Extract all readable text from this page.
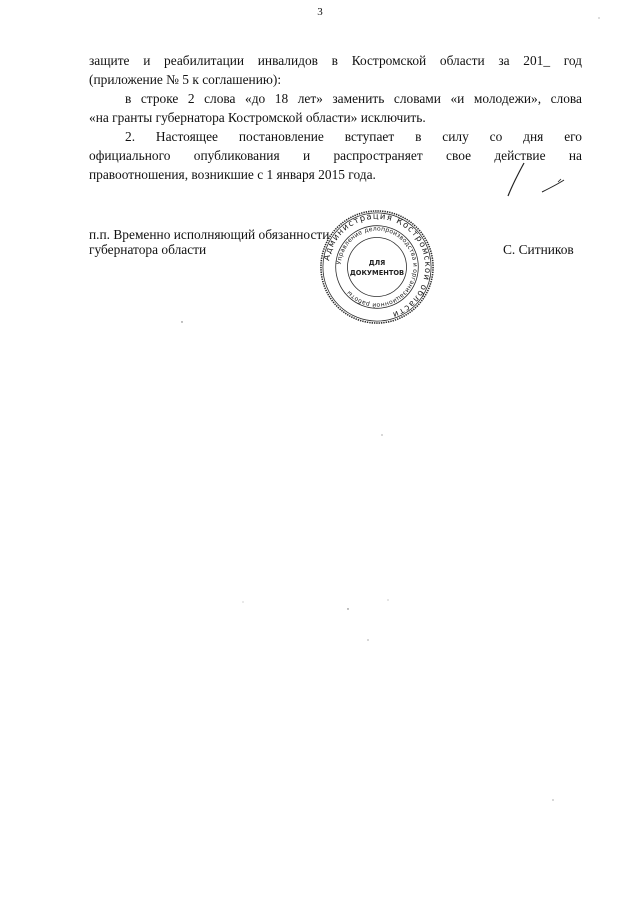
3
защите и реабилитации инвалидов в Костромской области за 201_ год
(приложение № 5 к соглашению):
в строке 2 слова «до 18 лет» заменить словами «и молодежи», слова
«на гранты губернатора Костромской области» исключить.
2. Настоящее постановление вступает в силу со дня его
официального опубликования и распространяет свое действие на
правоотношения, возникшие с 1 января 2015 года.
п.п. Временно исполняющий обязанности
губернатора области	С. Ситников
Администрация Костромской области
Управление делопроизводства и организационной работы
ДЛЯ
ДОКУМЕНТОВ
